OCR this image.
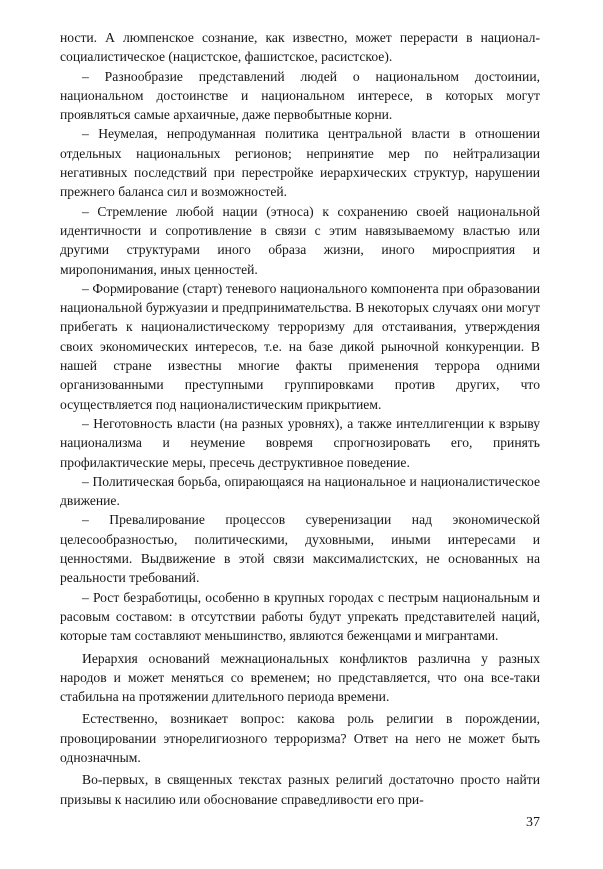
ности. А люмпенское сознание, как известно, может перерасти в национал-социалистическое (нацистское, фашистское, расистское).

– Разнообразие представлений людей о национальном достоинии, национальном достоинстве и национальном интересе, в которых могут проявляться самые архаичные, даже первобытные корни.

– Неумелая, непродуманная политика центральной власти в отношении отдельных национальных регионов; непринятие мер по нейтрализации негативных последствий при перестройке иерархических структур, нарушении прежнего баланса сил и возможностей.

– Стремление любой нации (этноса) к сохранению своей национальной идентичности и сопротивление в связи с этим навязываемому властью или другими структурами иного образа жизни, иного миросприятия и миропонимания, иных ценностей.

– Формирование (старт) теневого национального компонента при образовании национальной буржуазии и предпринимательства. В некоторых случаях они могут прибегать к националистическому терроризму для отстаивания, утверждения своих экономических интересов, т.е. на базе дикой рыночной конкуренции. В нашей стране известны многие факты применения террора одними организованными преступными группировками против других, что осуществляется под националистическим прикрытием.

– Неготовность власти (на разных уровнях), а также интеллигенции к взрыву национализма и неумение вовремя спрогнозировать его, принять профилактические меры, пресечь деструктивное поведение.

– Политическая борьба, опирающаяся на национальное и националистическое движение.

– Превалирование процессов суверенизации над экономической целесообразностью, политическими, духовными, иными интересами и ценностями. Выдвижение в этой связи максималистских, не основанных на реальности требований.

– Рост безработицы, особенно в крупных городах с пестрым национальным и расовым составом: в отсутствии работы будут упрекать представителей наций, которые там составляют меньшинство, являются беженцами и мигрантами.

Иерархия оснований межнациональных конфликтов различна у разных народов и может меняться со временем; но представляется, что она все-таки стабильна на протяжении длительного периода времени.

Естественно, возникает вопрос: какова роль религии в порождении, провоцировании этнорелигиозного терроризма? Ответ на него не может быть однозначным.

Во-первых, в священных текстах разных религий достаточно просто найти призывы к насилию или обоснование справедливости его при-

37
